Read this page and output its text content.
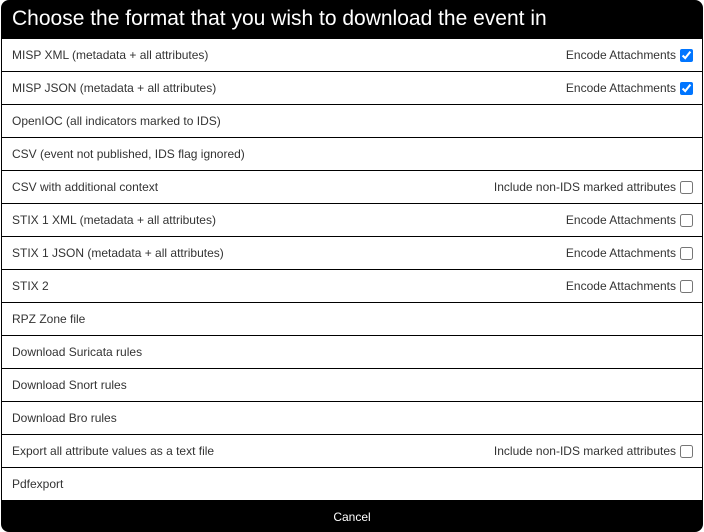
Choose the format that you wish to download the event in
MISP XML (metadata + all attributes)	Encode Attachments
MISP JSON (metadata + all attributes)	Encode Attachments
OpenIOC (all indicators marked to IDS)
CSV (event not published, IDS flag ignored)
CSV with additional context	Include non-IDS marked attributes
STIX 1 XML (metadata + all attributes)	Encode Attachments
STIX 1 JSON (metadata + all attributes)	Encode Attachments
STIX 2	Encode Attachments
RPZ Zone file
Download Suricata rules
Download Snort rules
Download Bro rules
Export all attribute values as a text file	Include non-IDS marked attributes
Pdfexport
Cancel
